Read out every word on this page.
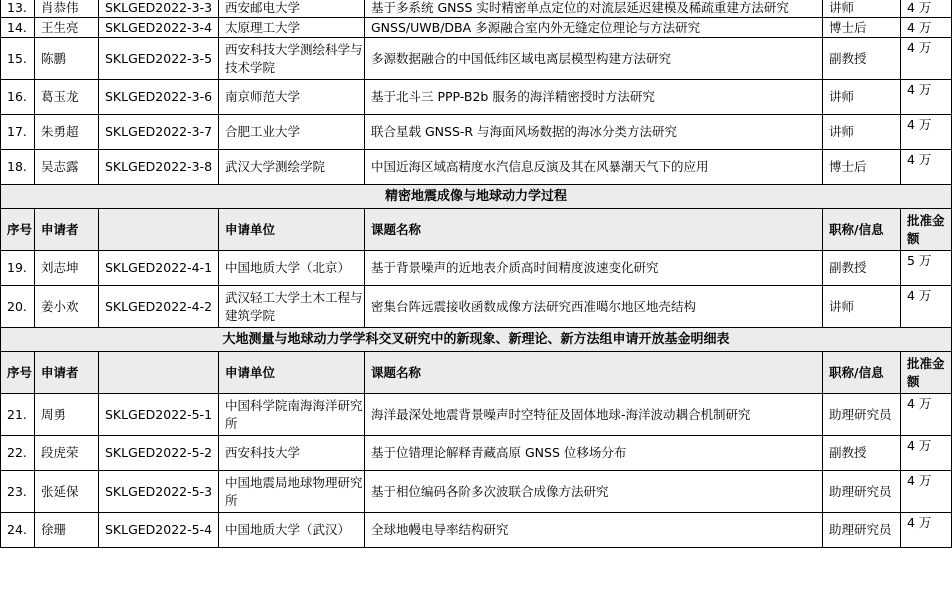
13.	肖恭伟	SKLGED2022-3-3	西安邮电大学	基于多系统 GNSS 实时精密单点定位的对流层延迟建模及稀疏重建方法研究	讲师	4 万
14.	王生亮	SKLGED2022-3-4	太原理工大学	GNSS/UWB/DBA 多源融合室内外无缝定位理论与方法研究	博士后	4 万
15.	陈鹏	SKLGED2022-3-5	西安科技大学测绘科学与技术学院	多源数据融合的中国低纬区域电离层模型构建方法研究	副教授	4 万
16.	葛玉龙	SKLGED2022-3-6	南京师范大学	基于北斗三 PPP-B2b 服务的海洋精密授时方法研究	讲师	4 万
17.	朱勇超	SKLGED2022-3-7	合肥工业大学	联合星载 GNSS-R 与海面风场数据的海冰分类方法研究	讲师	4 万
18.	吴志露	SKLGED2022-3-8	武汉大学测绘学院	中国近海区域高精度水汽信息反演及其在风暴潮天气下的应用	博士后	4 万
精密地震成像与地球动力学过程						
序号	申请者		申请单位	课题名称	职称/信息	批准金额
19.	刘志坤	SKLGED2022-4-1	中国地质大学（北京）	基于背景噪声的近地表介质高时间精度波速变化研究	副教授	5 万
20.	姜小欢	SKLGED2022-4-2	武汉轻工大学土木工程与建筑学院	密集台阵远震接收函数成像方法研究西准噶尔地区地壳结构	讲师	4 万
大地测量与地球动力学学科交叉研究中的新现象、新理论、新方法组申请开放基金明细表						
序号	申请者		申请单位	课题名称	职称/信息	批准金额
21.	周勇	SKLGED2022-5-1	中国科学院南海海洋研究所	海洋最深处地震背景噪声时空特征及固体地球-海洋波动耦合机制研究	助理研究员	4 万
22.	段虎荣	SKLGED2022-5-2	西安科技大学	基于位错理论解释青藏高原 GNSS 位移场分布	副教授	4 万
23.	张延保	SKLGED2022-5-3	中国地震局地球物理研究所	基于相位编码各阶多次波联合成像方法研究	助理研究员	4 万
24.	徐珊	SKLGED2022-5-4	中国地质大学（武汉）	全球地幔电导率结构研究	助理研究员	4 万
